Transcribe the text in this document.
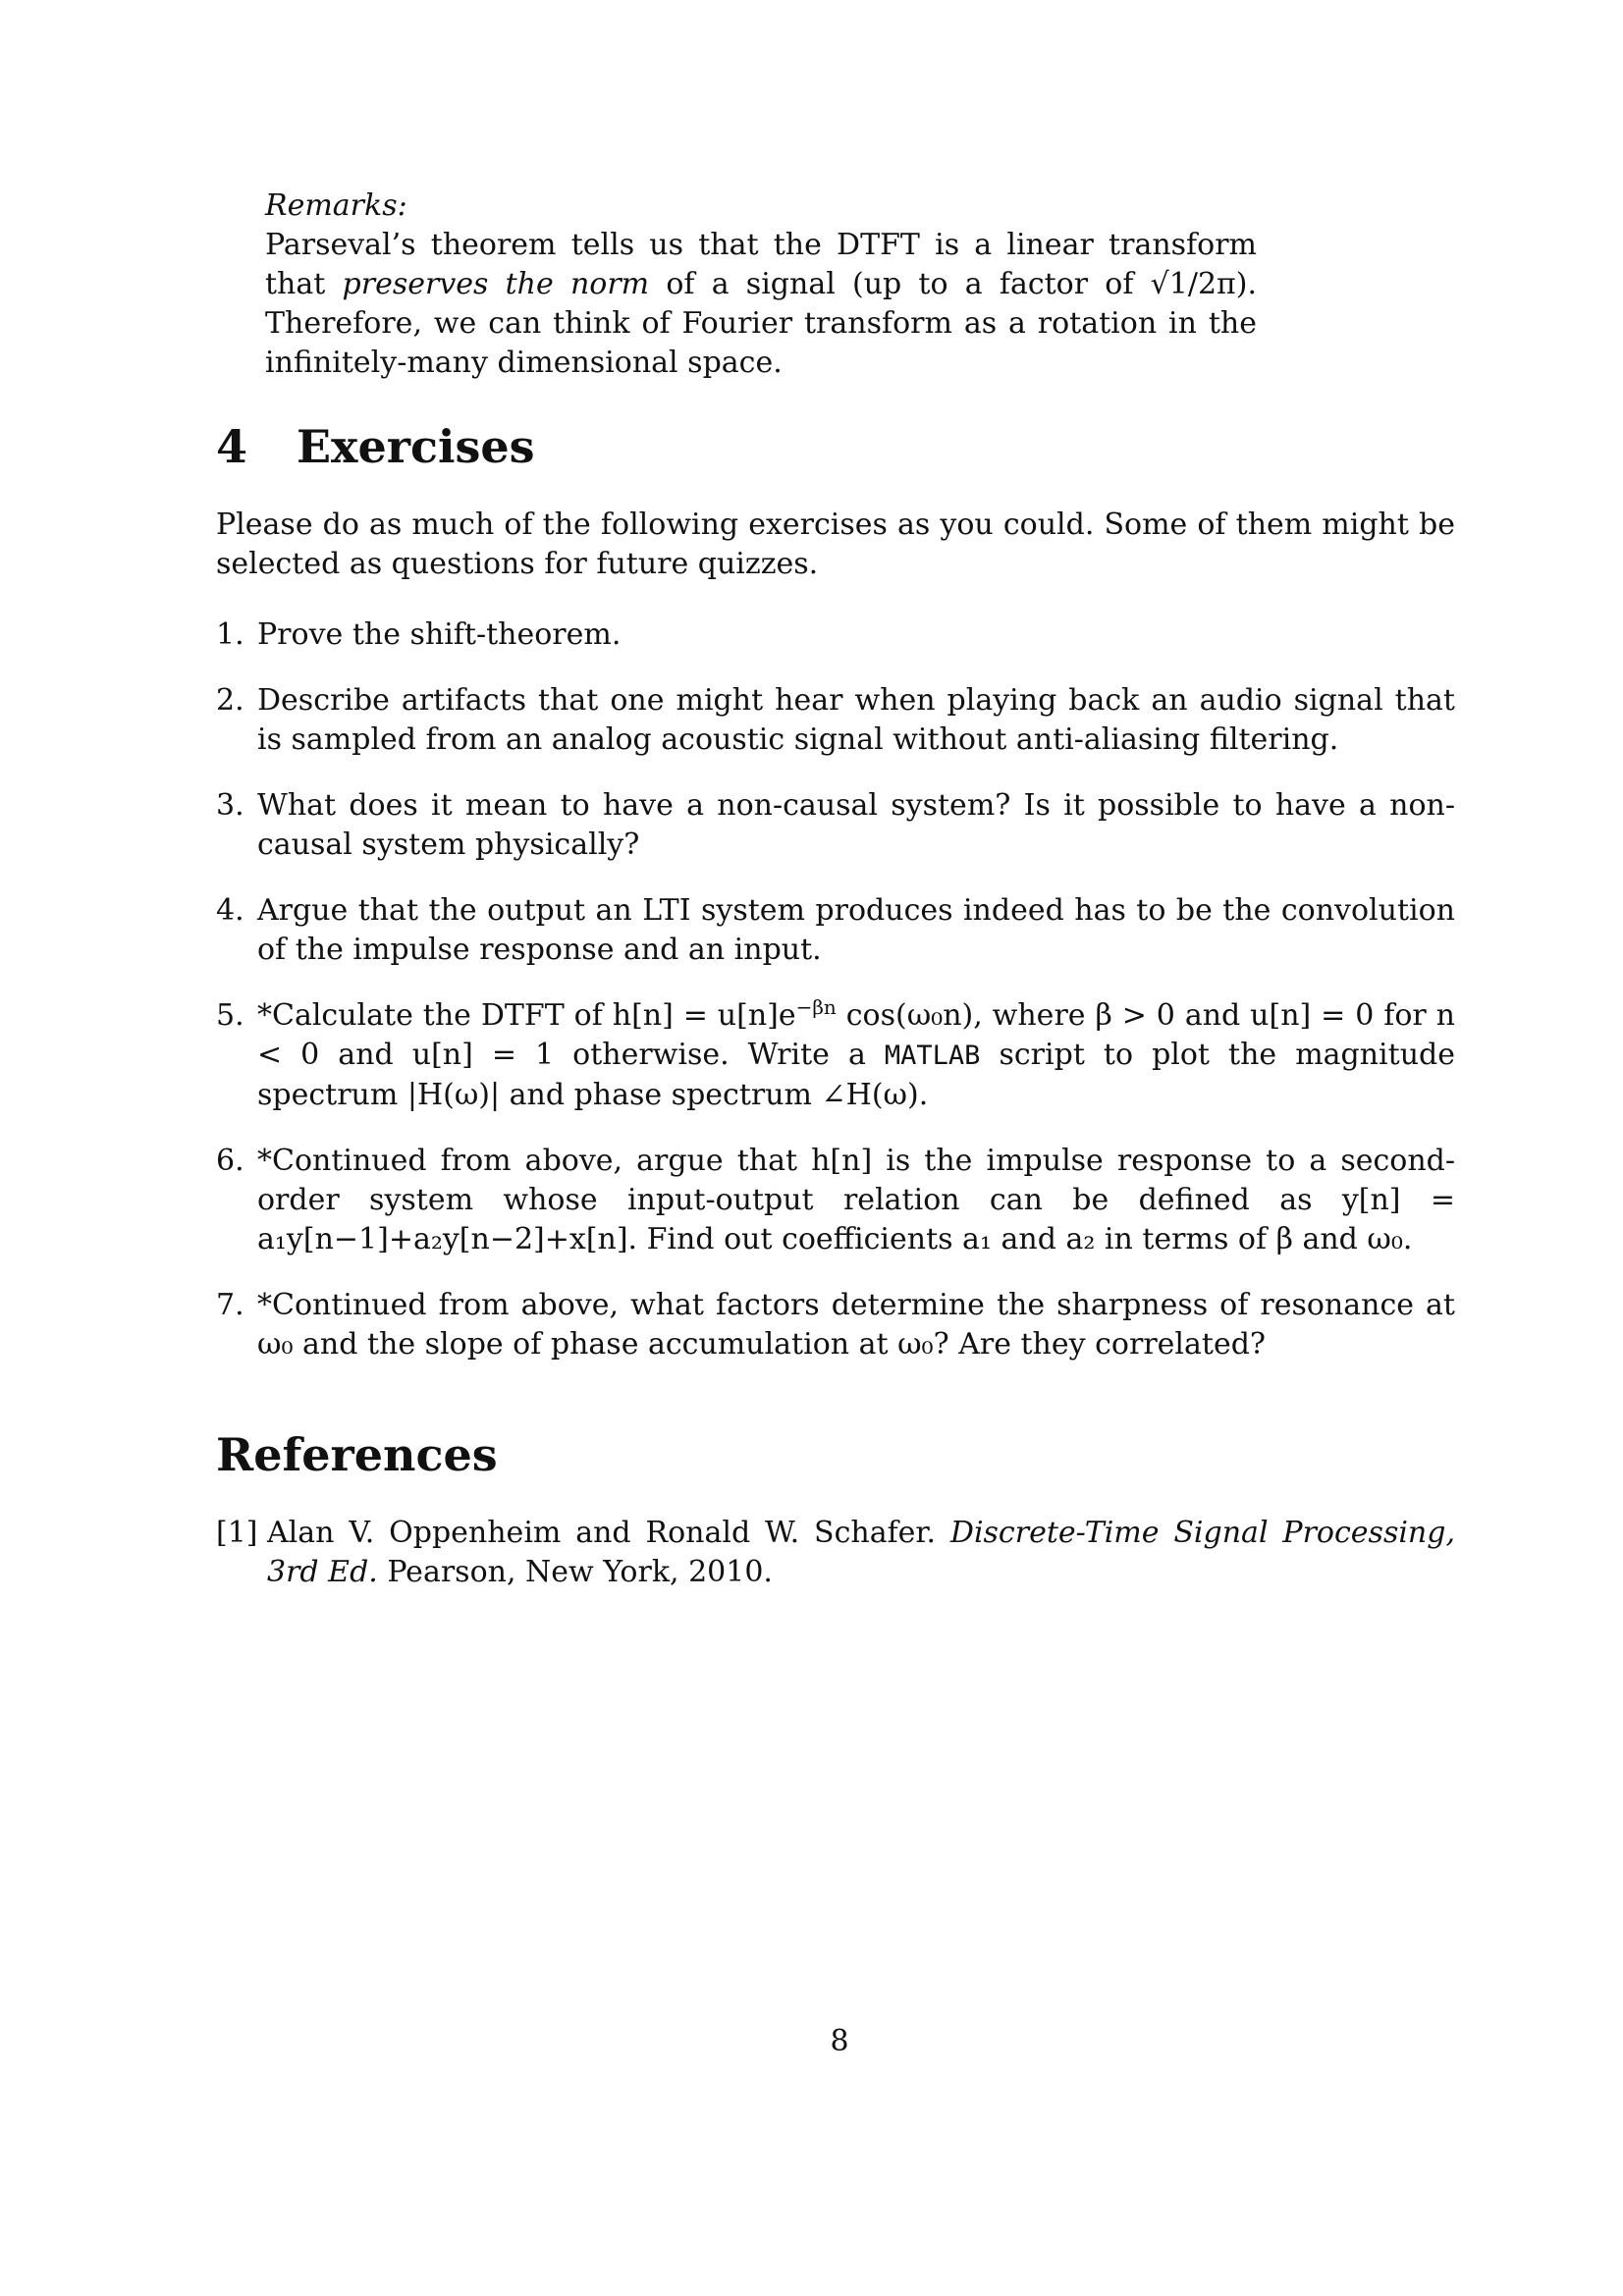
Remarks:

Parseval’s theorem tells us that the DTFT is a linear transform that preserves the norm of a signal (up to a factor of √1/2π). Therefore, we can think of Fourier transform as a rotation in the infinitely-many dimensional space.

4 Exercises

Please do as much of the following exercises as you could. Some of them might be selected as questions for future quizzes.

1. Prove the shift-theorem.
2. Describe artifacts that one might hear when playing back an audio signal that is sampled from an analog acoustic signal without anti-aliasing filtering.
3. What does it mean to have a non-causal system? Is it possible to have a non-causal system physically?
4. Argue that the output an LTI system produces indeed has to be the convolution of the impulse response and an input.
5. *Calculate the DTFT of $h[n] = u[n]e^{-\beta n}$ cos(ω₀n), where β > 0 and u[n] = 0 for n < 0 and u[n] = 1 otherwise. Write a MATLAB script to plot the magnitude spectrum |H(ω)| and phase spectrum ∠H(ω).
6. *Continued from above, argue that h[n] is the impulse response to a second-order system whose input-output relation can be defined as y[n] = a₁y[n−1]+a₂y[n−2]+x[n]. Find out coefficients a₁ and a₂ in terms of β and ω₀.
7. *Continued from above, what factors determine the sharpness of resonance at ω₀ and the slope of phase accumulation at ω₀? Are they correlated?
References
[1] Alan V. Oppenheim and Ronald W. Schafer. Discrete-Time Signal Processing, 3rd Ed. Pearson, New York, 2010.
8
